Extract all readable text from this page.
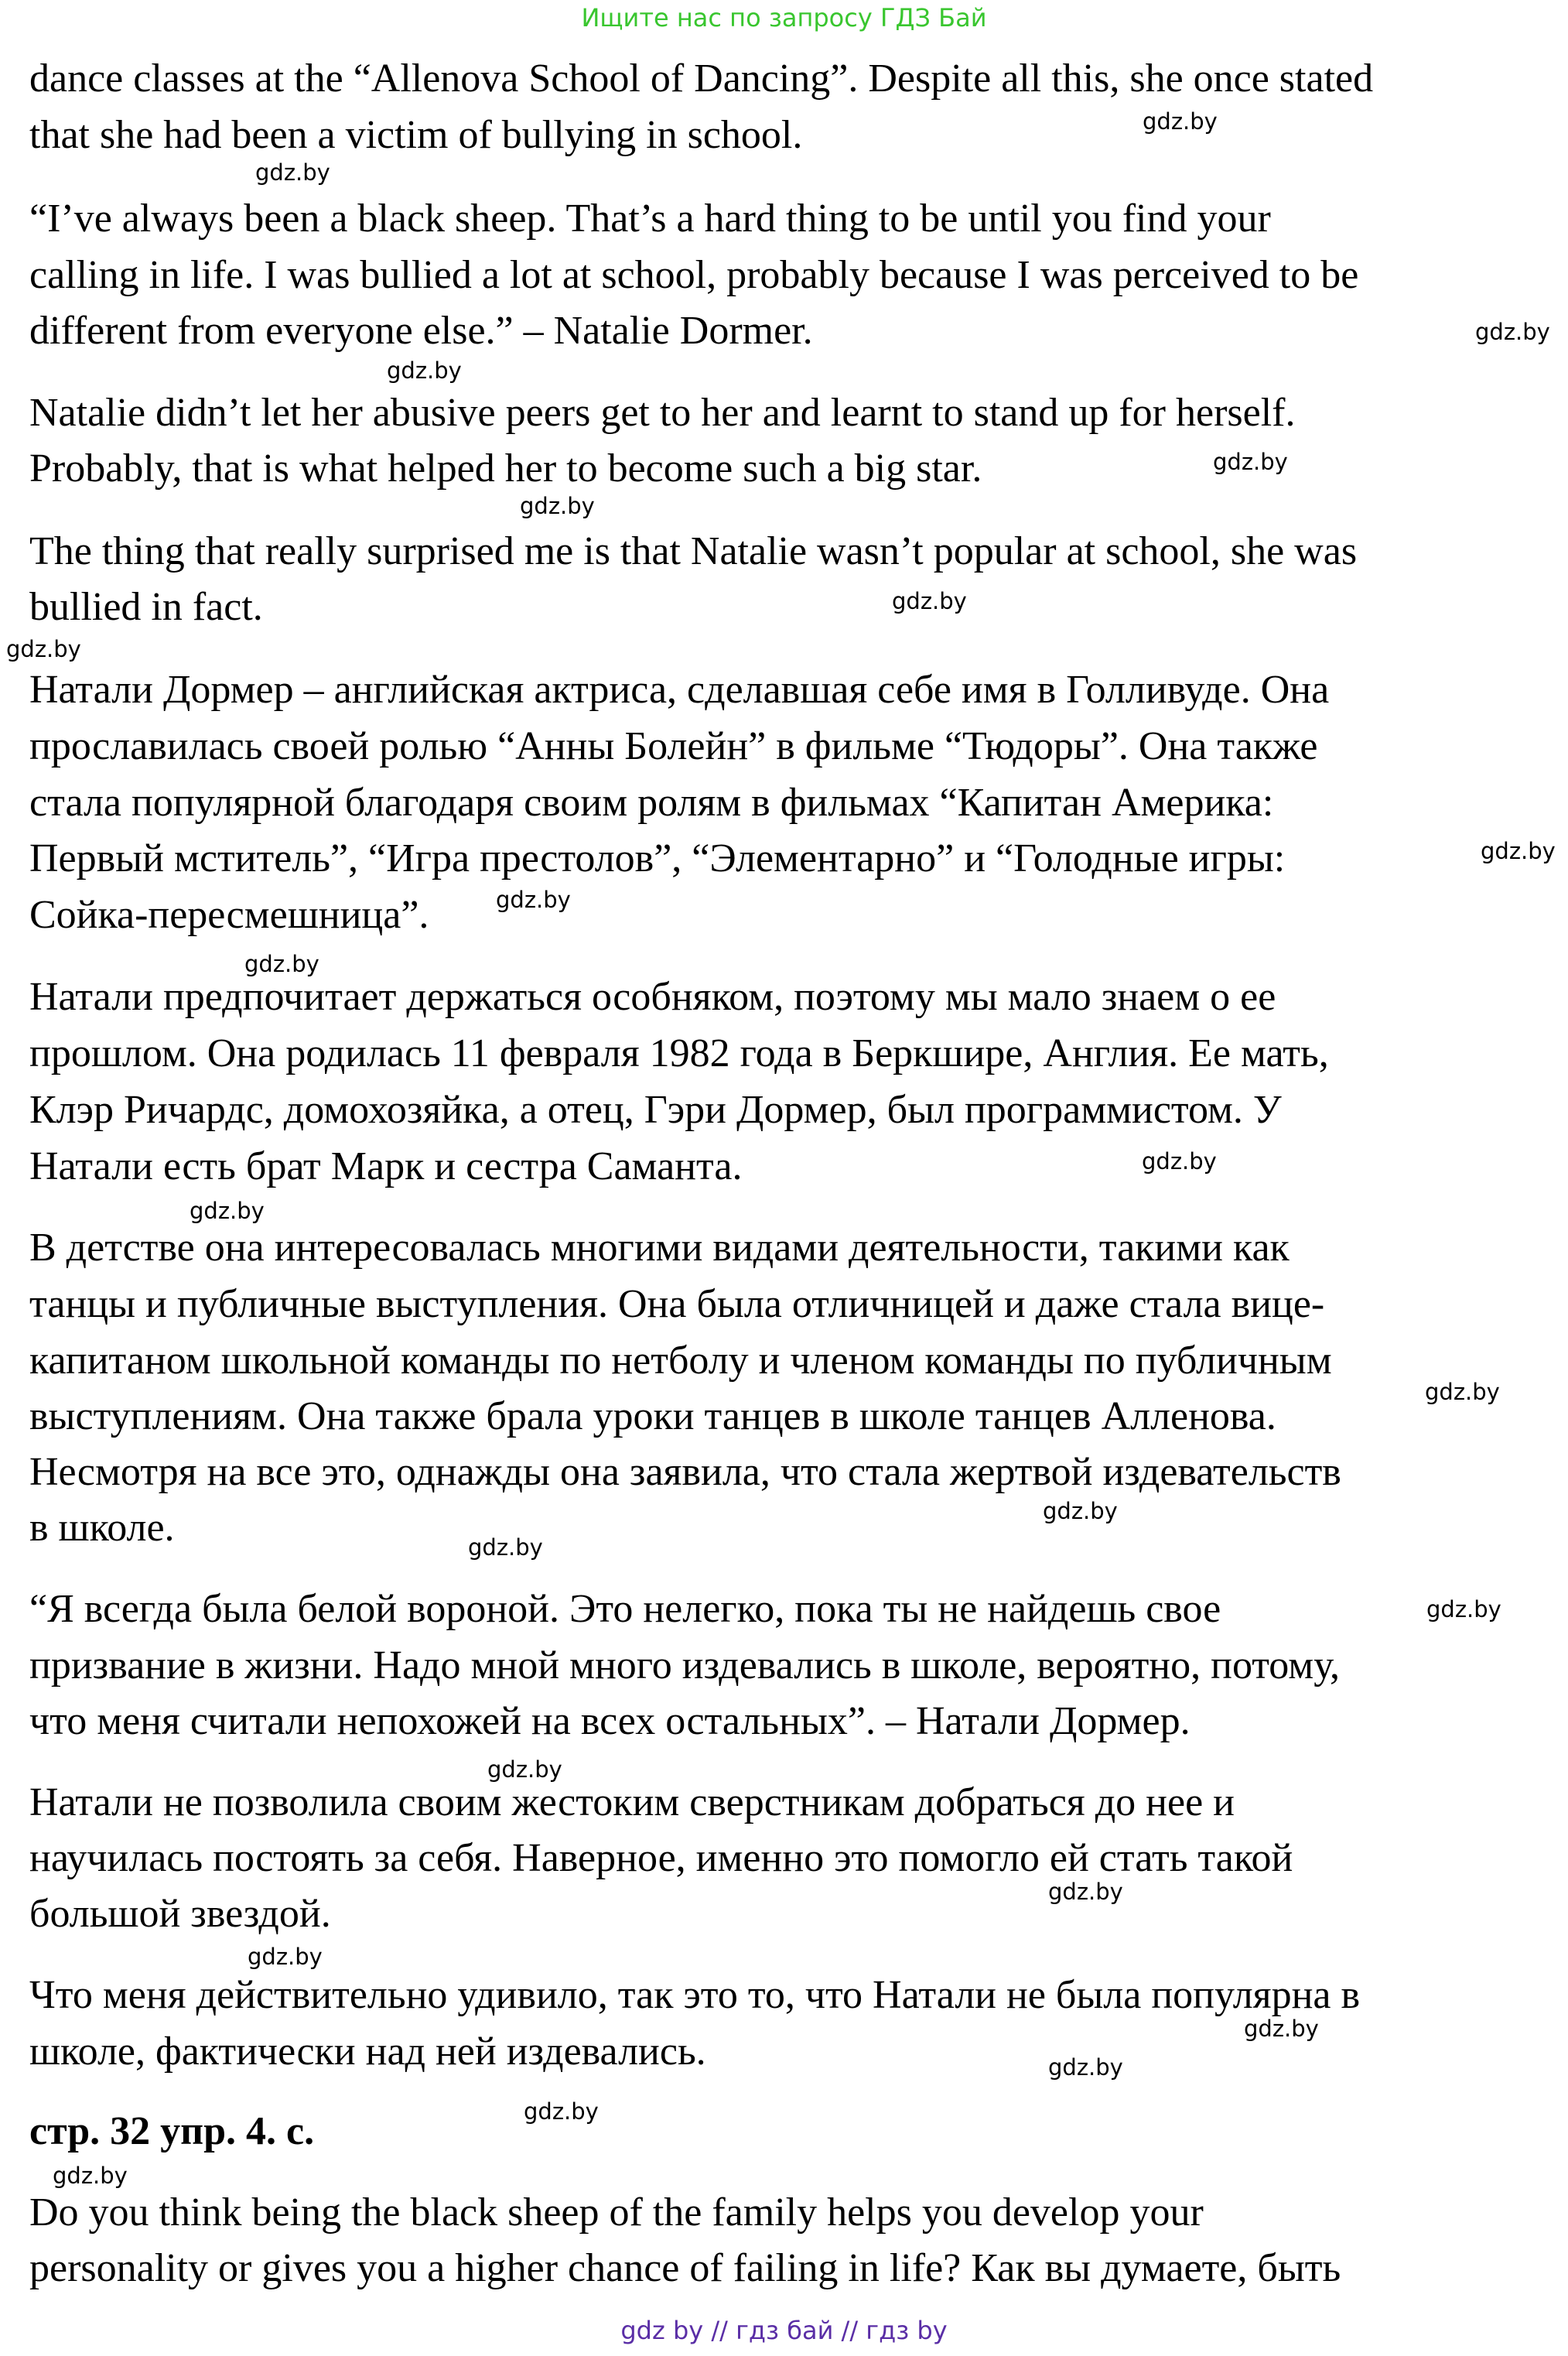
Ищите нас по запросу ГДЗ Бай
dance classes at the “Allenova School of Dancing”. Despite all this, she once stated
that she had been a victim of bullying in school.
“I’ve always been a black sheep. That’s a hard thing to be until you find your
calling in life. I was bullied a lot at school, probably because I was perceived to be
different from everyone else.” – Natalie Dormer.
Natalie didn’t let her abusive peers get to her and learnt to stand up for herself.
Probably, that is what helped her to become such a big star.
The thing that really surprised me is that Natalie wasn’t popular at school, she was
bullied in fact.
Натали Дормер – английская актриса, сделавшая себе имя в Голливуде. Она
прославилась своей ролью “Анны Болейн” в фильме “Тюдоры”. Она также
стала популярной благодаря своим ролям в фильмах “Капитан Америка:
Первый мститель”, “Игра престолов”, “Элементарно” и “Голодные игры:
Сойка-пересмешница”.
Натали предпочитает держаться особняком, поэтому мы мало знаем о ее
прошлом. Она родилась 11 февраля 1982 года в Беркшире, Англия. Ее мать,
Клэр Ричардс, домохозяйка, а отец, Гэри Дормер, был программистом. У
Натали есть брат Марк и сестра Саманта.
В детстве она интересовалась многими видами деятельности, такими как
танцы и публичные выступления. Она была отличницей и даже стала вице-
капитаном школьной команды по нетболу и членом команды по публичным
выступлениям. Она также брала уроки танцев в школе танцев Алленова.
Несмотря на все это, однажды она заявила, что стала жертвой издевательств
в школе.
“Я всегда была белой вороной. Это нелегко, пока ты не найдешь свое
призвание в жизни. Надо мной много издевались в школе, вероятно, потому,
что меня считали непохожей на всех остальных”. – Натали Дормер.
Натали не позволила своим жестоким сверстникам добраться до нее и
научилась постоять за себя. Наверное, именно это помогло ей стать такой
большой звездой.
Что меня действительно удивило, так это то, что Натали не была популярна в
школе, фактически над ней издевались.
стр. 32 упр. 4. с.
Do you think being the black sheep of the family helps you develop your
personality or gives you a higher chance of failing in life? Как вы думаете, быть
gdz.by
gdz.by
gdz.by
gdz.by
gdz.by
gdz.by
gdz.by
gdz.by
gdz.by
gdz.by
gdz.by
gdz.by
gdz.by
gdz.by
gdz.by
gdz.by
gdz.by
gdz.by
gdz.by
gdz.by
gdz.by
gdz.by
gdz.by
gdz.by
gdz by // гдз бай // гдз by
